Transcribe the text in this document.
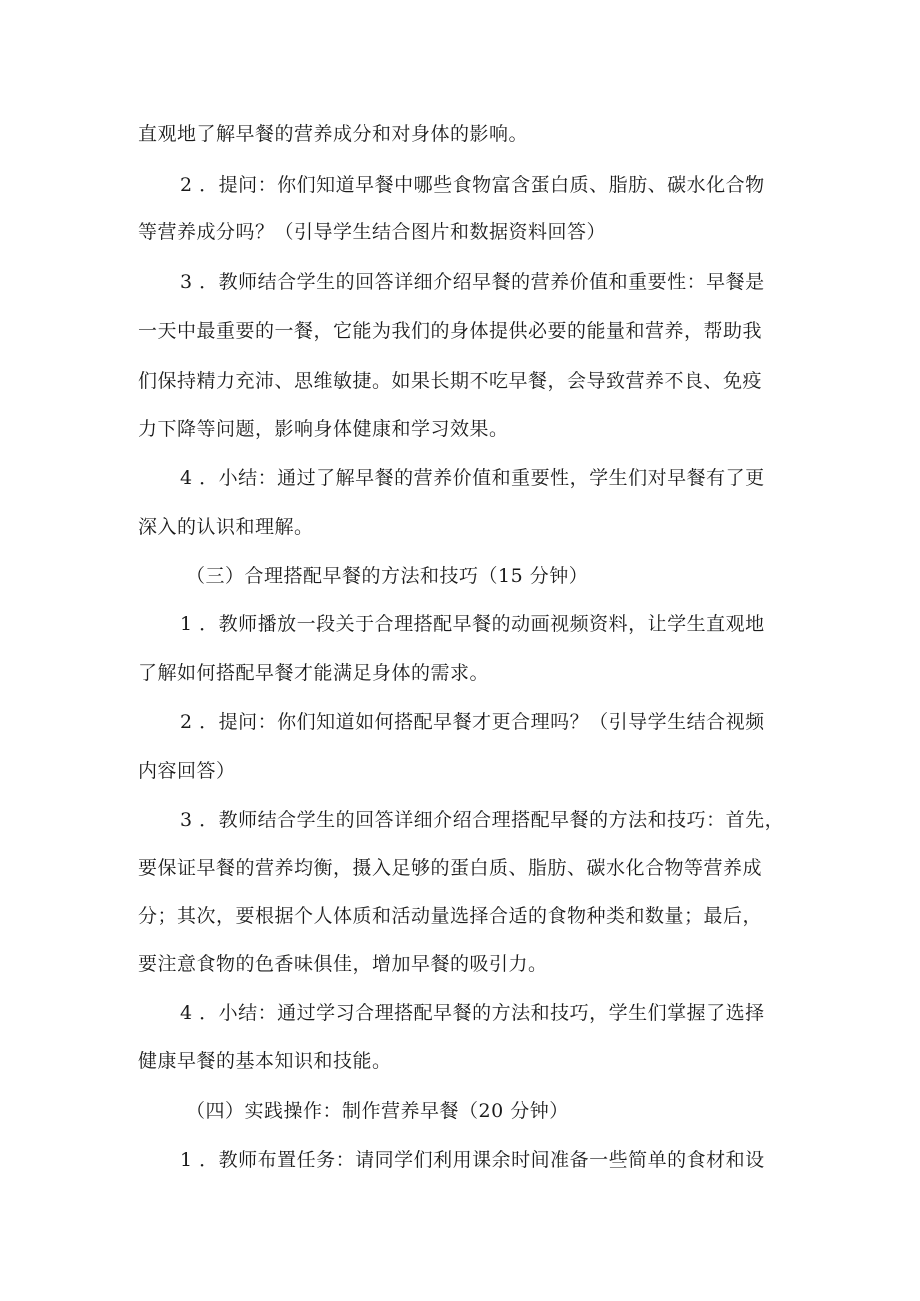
直观地了解早餐的营养成分和对身体的影响。
2 ．提问：你们知道早餐中哪些食物富含蛋白质、脂肪、碳水化合物
等营养成分吗？（引导学生结合图片和数据资料回答）
3 ．教师结合学生的回答详细介绍早餐的营养价值和重要性：早餐是
一天中最重要的一餐，它能为我们的身体提供必要的能量和营养，帮助我
们保持精力充沛、思维敏捷。如果长期不吃早餐，会导致营养不良、免疫
力下降等问题，影响身体健康和学习效果。
4 ．小结：通过了解早餐的营养价值和重要性，学生们对早餐有了更
深入的认识和理解。
（三）合理搭配早餐的方法和技巧（15 分钟）
1 ．教师播放一段关于合理搭配早餐的动画视频资料，让学生直观地
了解如何搭配早餐才能满足身体的需求。
2 ．提问：你们知道如何搭配早餐才更合理吗？（引导学生结合视频
内容回答）
3 ．教师结合学生的回答详细介绍合理搭配早餐的方法和技巧：首先，
要保证早餐的营养均衡，摄入足够的蛋白质、脂肪、碳水化合物等营养成
分；其次，要根据个人体质和活动量选择合适的食物种类和数量；最后，
要注意食物的色香味俱佳，增加早餐的吸引力。
4 ．小结：通过学习合理搭配早餐的方法和技巧，学生们掌握了选择
健康早餐的基本知识和技能。
（四）实践操作：制作营养早餐（20 分钟）
1 ．教师布置任务：请同学们利用课余时间准备一些简单的食材和设
